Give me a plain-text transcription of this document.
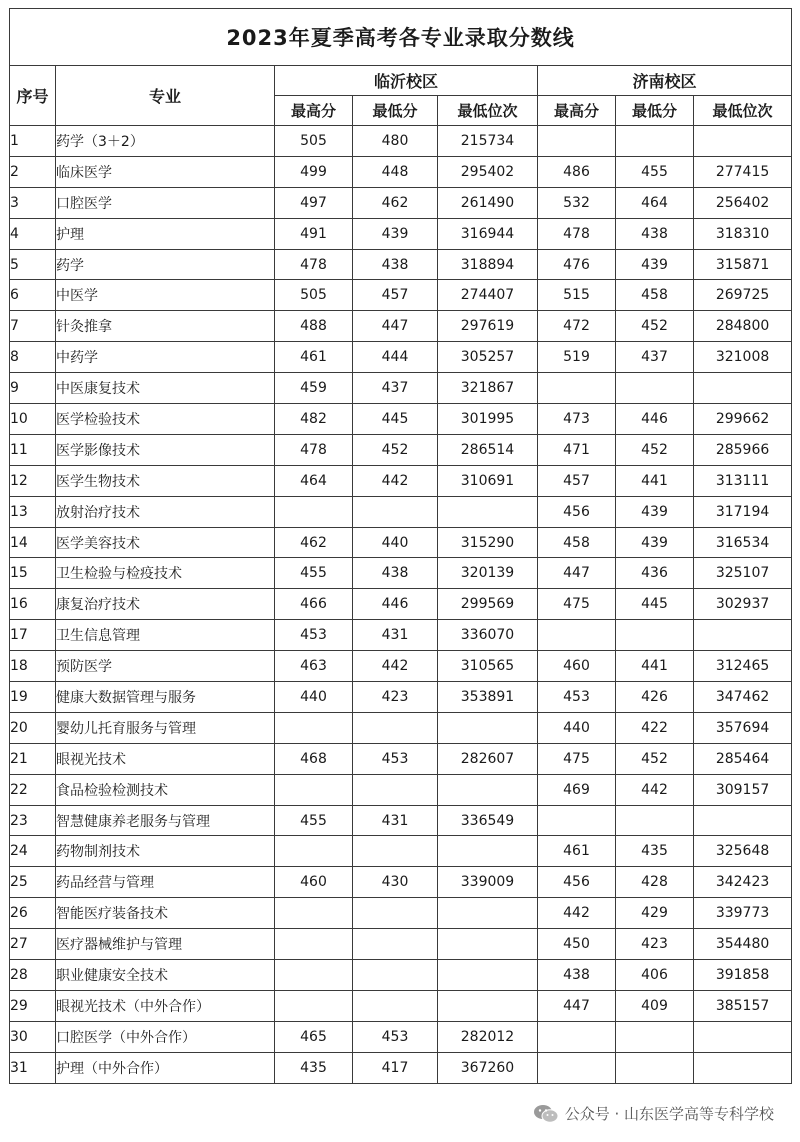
2023年夏季高考各专业录取分数线							
序号	专业	临沂校区			济南校区		
		最高分	最低分	最低位次	最高分	最低分	最低位次
1	药学（3＋2）	505	480	215734			
2	临床医学	499	448	295402	486	455	277415
3	口腔医学	497	462	261490	532	464	256402
4	护理	491	439	316944	478	438	318310
5	药学	478	438	318894	476	439	315871
6	中医学	505	457	274407	515	458	269725
7	针灸推拿	488	447	297619	472	452	284800
8	中药学	461	444	305257	519	437	321008
9	中医康复技术	459	437	321867			
10	医学检验技术	482	445	301995	473	446	299662
11	医学影像技术	478	452	286514	471	452	285966
12	医学生物技术	464	442	310691	457	441	313111
13	放射治疗技术				456	439	317194
14	医学美容技术	462	440	315290	458	439	316534
15	卫生检验与检疫技术	455	438	320139	447	436	325107
16	康复治疗技术	466	446	299569	475	445	302937
17	卫生信息管理	453	431	336070			
18	预防医学	463	442	310565	460	441	312465
19	健康大数据管理与服务	440	423	353891	453	426	347462
20	婴幼儿托育服务与管理				440	422	357694
21	眼视光技术	468	453	282607	475	452	285464
22	食品检验检测技术				469	442	309157
23	智慧健康养老服务与管理	455	431	336549			
24	药物制剂技术				461	435	325648
25	药品经营与管理	460	430	339009	456	428	342423
26	智能医疗装备技术				442	429	339773
27	医疗器械维护与管理				450	423	354480
28	职业健康安全技术				438	406	391858
29	眼视光技术（中外合作）				447	409	385157
30	口腔医学（中外合作）	465	453	282012			
31	护理（中外合作）	435	417	367260			
公众号 · 山东医学高等专科学校
